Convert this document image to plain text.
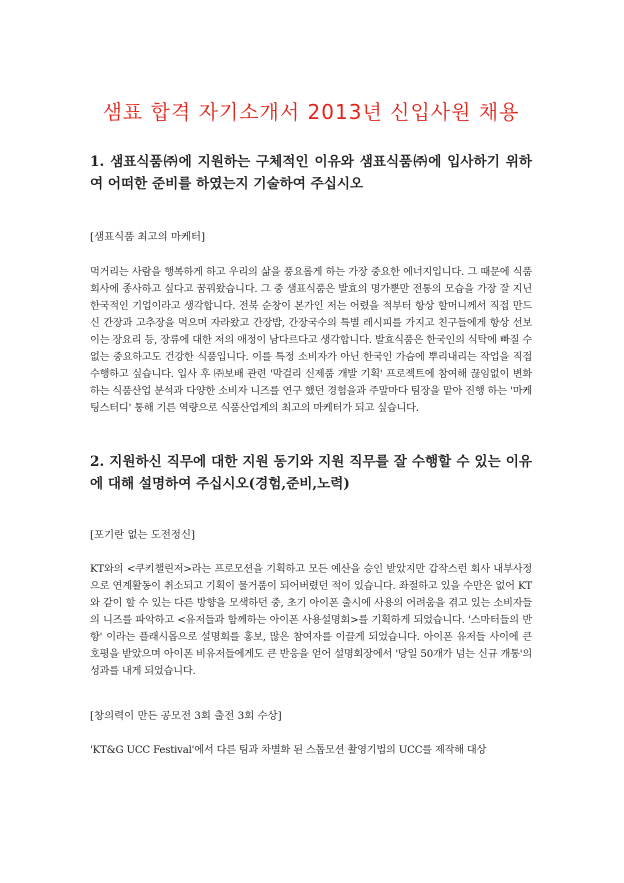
샘표 합격 자기소개서 2013년 신입사원 채용
1. 샘표식품㈜에 지원하는 구체적인 이유와 샘표식품㈜에 입사하기 위하여 어떠한 준비를 하였는지 기술하여 주십시오

[샘표식품 최고의 마케터]

먹거리는 사람을 행복하게 하고 우리의 삶을 풍요롭게 하는 가장 중요한 에너지입니다. 그 때문에 식품회사에 종사하고 싶다고 꿈꿔왔습니다. 그 중 샘표식품은 발효의 명가뿐만 전통의 모습을 가장 잘 지닌 한국적인 기업이라고 생각합니다. 전북 순창이 본가인 저는 어렸을 적부터 항상 할머니께서 직접 만드신 간장과 고추장을 먹으며 자라왔고 간장밥, 간장국수의 특별 레시피를 가지고 친구들에게 항상 선보이는 장요리 등, 장류에 대한 저의 애정이 남다르다고 생각합니다. 발효식품은 한국인의 식탁에 빠질 수 없는 중요하고도 건강한 식품입니다. 이를 특정 소비자가 아닌 한국인 가슴에 뿌리내리는 작업을 직접 수행하고 싶습니다. 입사 후 ㈜보배 관련 '막걸리 신제품 개발 기획' 프로젝트에 참여해 끊임없이 변화하는 식품산업 분석과 다양한 소비자 니즈를 연구 했던 경험을과 주말마다 팀장을 맡아 진행 하는 '마케팅스터디' 통해 기른 역량으로 식품산업계의 최고의 마케터가 되고 싶습니다.

2. 지원하신 직무에 대한 지원 동기와 지원 직무를 잘 수행할 수 있는 이유에 대해 설명하여 주십시오(경험,준비,노력)

[포기란 없는 도전정신]

KT와의 <쿠키챌린저>라는 프로모션을 기획하고 모든 예산을 승인 받았지만 갑작스런 회사 내부사정으로 연계활동이 취소되고 기획이 물거품이 되어버렸던 적이 있습니다. 좌절하고 있을 수만은 없어 KT와 같이 할 수 있는 다른 방향을 모색하던 중, 초기 아이폰 출시에 사용의 어려움을 겪고 있는 소비자들의 니즈를 파악하고 <유저들과 함께하는 아이폰 사용설명회>를 기획하게 되었습니다. '스마터들의 반항' 이라는 플래시몹으로 설명회를 홍보, 많은 참여자를 이끌게 되었습니다. 아이폰 유저들 사이에 큰 호평을 받았으며 아이폰 비유저들에게도 큰 반응을 얻어 설명회장에서 '당일 50개가 넘는 신규 개통'의 성과를 내게 되었습니다.

[창의력이 만든 공모전 3회 출전 3회 수상]

'KT&G UCC Festival'에서 다른 팀과 차별화 된 스톱모션 촬영기법의 UCC를 제작해 대상
